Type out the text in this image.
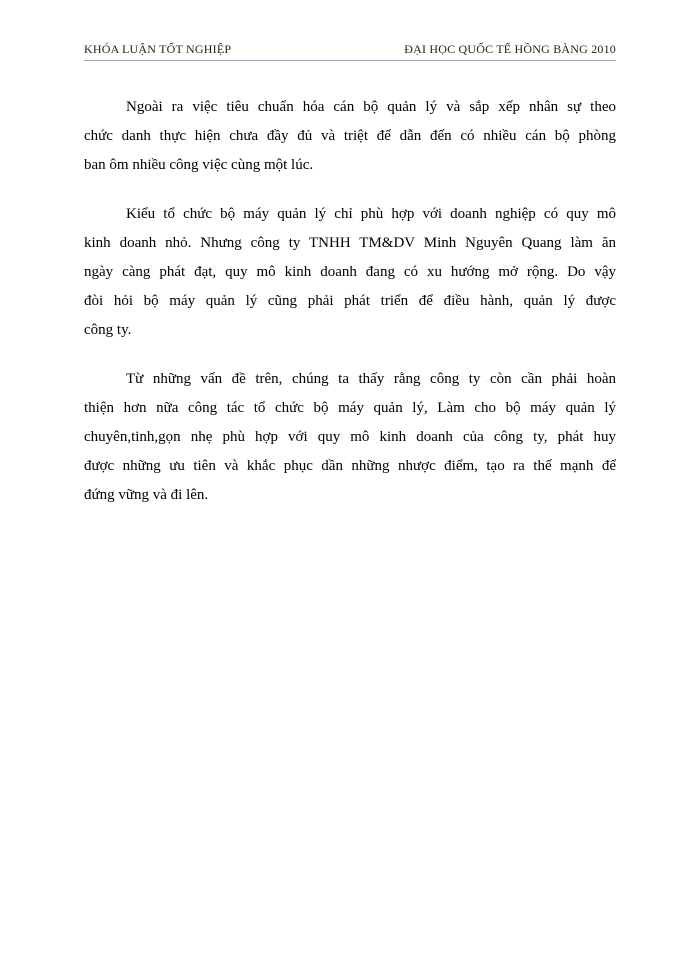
KHÓA LUẬN TỐT NGHIỆP	ĐẠI HỌC QUỐC TẾ HỒNG BÀNG 2010

Ngoài ra việc tiêu chuẩn hóa cán bộ quản lý và sắp xếp nhân sự theo
chức danh thực hiện chưa đầy đủ và triệt để dẫn đến có nhiều cán bộ phòng
ban ôm nhiều công việc cùng một lúc.

Kiểu tổ chức bộ máy quản lý chỉ phù hợp với doanh nghiệp có quy mô
kinh doanh nhỏ. Nhưng công ty TNHH TM&DV Minh Nguyên Quang làm ăn
ngày càng phát đạt, quy mô kinh doanh đang có xu hướng mở rộng. Do vậy
đòi hỏi bộ máy quản lý cũng phải phát triển để điều hành, quản lý được
công ty.

Từ những vấn đề trên, chúng ta thấy rằng công ty còn cần phải hoàn
thiện hơn nữa công tác tổ chức bộ máy quản lý, Làm cho bộ máy quản lý
chuyên,tinh,gọn nhẹ phù hợp với quy mô kinh doanh của công ty, phát huy
được những ưu tiên và khắc phục dần những nhược điểm, tạo ra thế mạnh để
đứng vững và đi lên.
